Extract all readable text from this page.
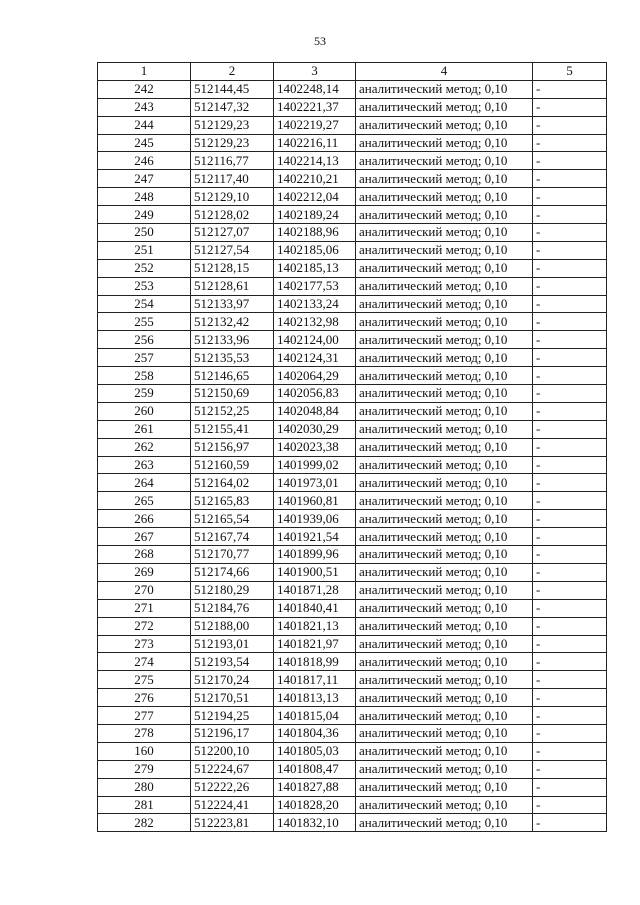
53
1	2	3	4	5
242	512144,45	1402248,14	аналитический метод; 0,10	-
243	512147,32	1402221,37	аналитический метод; 0,10	-
244	512129,23	1402219,27	аналитический метод; 0,10	-
245	512129,23	1402216,11	аналитический метод; 0,10	-
246	512116,77	1402214,13	аналитический метод; 0,10	-
247	512117,40	1402210,21	аналитический метод; 0,10	-
248	512129,10	1402212,04	аналитический метод; 0,10	-
249	512128,02	1402189,24	аналитический метод; 0,10	-
250	512127,07	1402188,96	аналитический метод; 0,10	-
251	512127,54	1402185,06	аналитический метод; 0,10	-
252	512128,15	1402185,13	аналитический метод; 0,10	-
253	512128,61	1402177,53	аналитический метод; 0,10	-
254	512133,97	1402133,24	аналитический метод; 0,10	-
255	512132,42	1402132,98	аналитический метод; 0,10	-
256	512133,96	1402124,00	аналитический метод; 0,10	-
257	512135,53	1402124,31	аналитический метод; 0,10	-
258	512146,65	1402064,29	аналитический метод; 0,10	-
259	512150,69	1402056,83	аналитический метод; 0,10	-
260	512152,25	1402048,84	аналитический метод; 0,10	-
261	512155,41	1402030,29	аналитический метод; 0,10	-
262	512156,97	1402023,38	аналитический метод; 0,10	-
263	512160,59	1401999,02	аналитический метод; 0,10	-
264	512164,02	1401973,01	аналитический метод; 0,10	-
265	512165,83	1401960,81	аналитический метод; 0,10	-
266	512165,54	1401939,06	аналитический метод; 0,10	-
267	512167,74	1401921,54	аналитический метод; 0,10	-
268	512170,77	1401899,96	аналитический метод; 0,10	-
269	512174,66	1401900,51	аналитический метод; 0,10	-
270	512180,29	1401871,28	аналитический метод; 0,10	-
271	512184,76	1401840,41	аналитический метод; 0,10	-
272	512188,00	1401821,13	аналитический метод; 0,10	-
273	512193,01	1401821,97	аналитический метод; 0,10	-
274	512193,54	1401818,99	аналитический метод; 0,10	-
275	512170,24	1401817,11	аналитический метод; 0,10	-
276	512170,51	1401813,13	аналитический метод; 0,10	-
277	512194,25	1401815,04	аналитический метод; 0,10	-
278	512196,17	1401804,36	аналитический метод; 0,10	-
160	512200,10	1401805,03	аналитический метод; 0,10	-
279	512224,67	1401808,47	аналитический метод; 0,10	-
280	512222,26	1401827,88	аналитический метод; 0,10	-
281	512224,41	1401828,20	аналитический метод; 0,10	-
282	512223,81	1401832,10	аналитический метод; 0,10	-
